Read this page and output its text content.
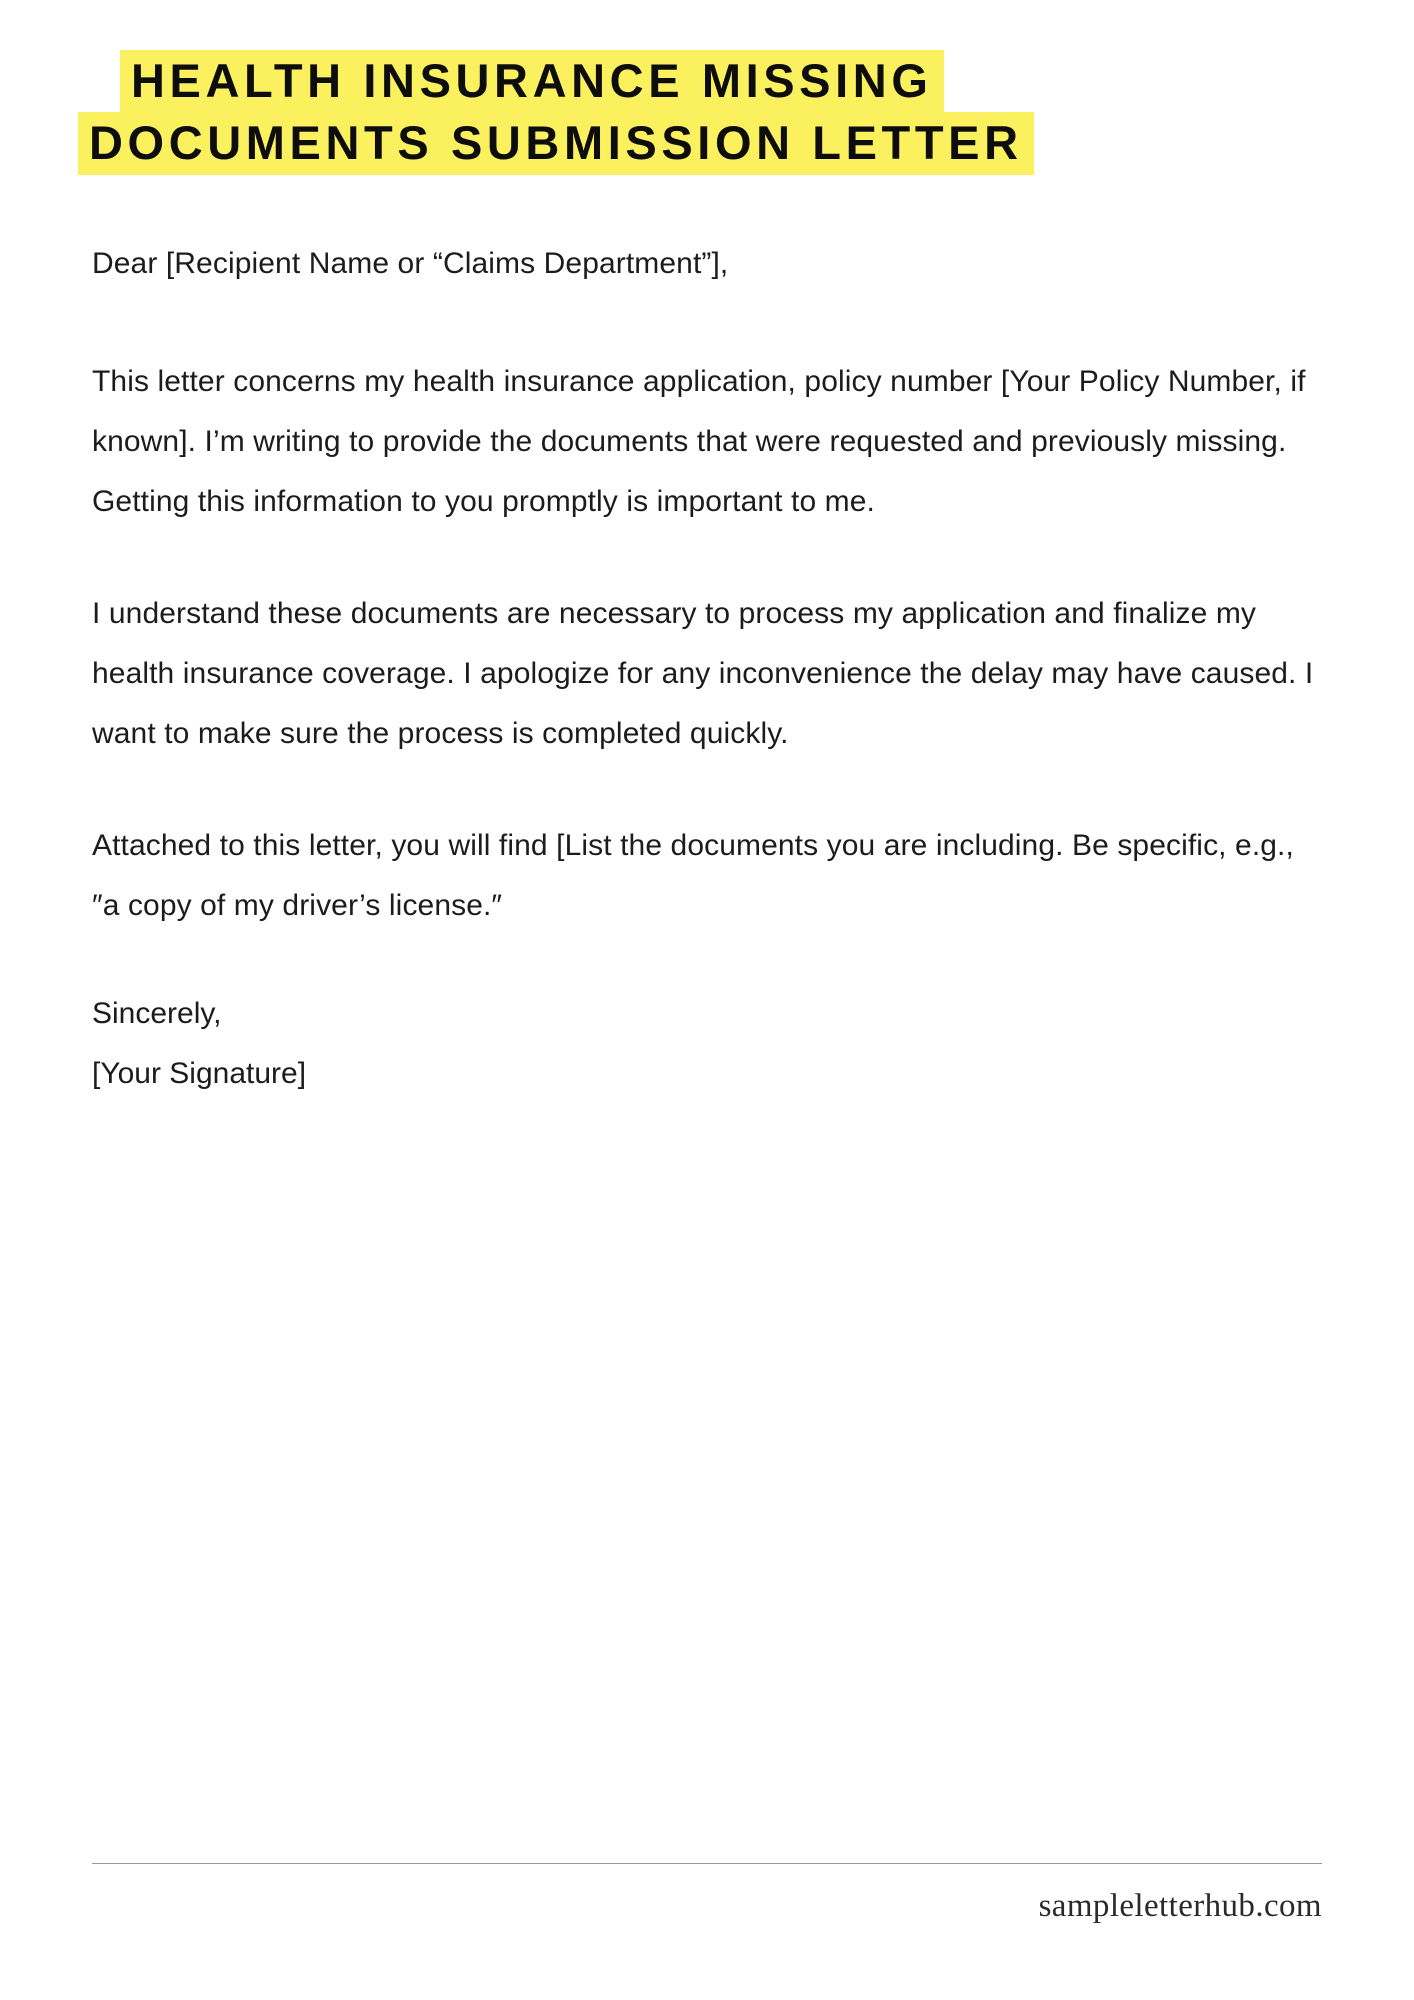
HEALTH INSURANCE MISSING
DOCUMENTS SUBMISSION LETTER

Dear [Recipient Name or “Claims Department”],

This letter concerns my health insurance application, policy number [Your Policy Number, if known]. I’m writing to provide the documents that were requested and previously missing. Getting this information to you promptly is important to me.

I understand these documents are necessary to process my application and finalize my health insurance coverage. I apologize for any inconvenience the delay may have caused. I want to make sure the process is completed quickly.

Attached to this letter, you will find [List the documents you are including. Be specific, e.g., ″a copy of my driver’s license.″

Sincerely,

[Your Signature]

sampleletterhub.com
